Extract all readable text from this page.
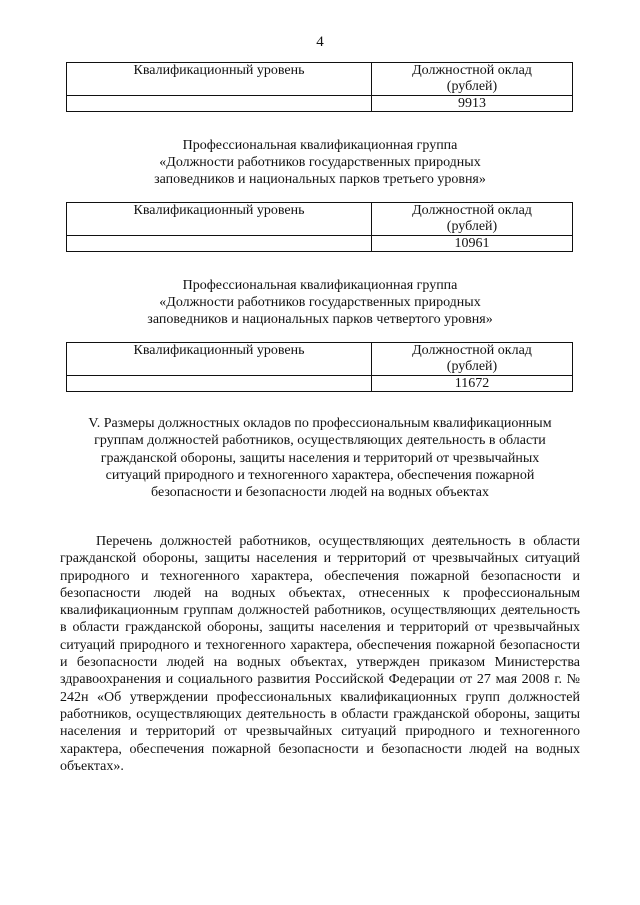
4
Квалификационный уровень	Должностной оклад
(рублей)

	9913
Профессиональная квалификационная группа
«Должности работников государственных природных
заповедников и национальных парков третьего уровня»
Квалификационный уровень	Должностной оклад
(рублей)

	10961
Профессиональная квалификационная группа
«Должности работников государственных природных
заповедников и национальных парков четвертого уровня»
Квалификационный уровень	Должностной оклад
(рублей)

	11672
V. Размеры должностных окладов по профессиональным квалификационным
группам должностей работников, осуществляющих деятельность в области
гражданской обороны, защиты населения и территорий от чрезвычайных
ситуаций природного и техногенного характера, обеспечения пожарной
безопасности и безопасности людей на водных объектах

Перечень должностей работников, осуществляющих деятельность в области гражданской обороны, защиты населения и территорий от чрезвычайных ситуаций природного и техногенного характера, обеспечения пожарной безопасности и безопасности людей на водных объектах, отнесенных к профессиональным квалификационным группам должностей работников, осуществляющих деятельность в области гражданской обороны, защиты населения и территорий от чрезвычайных ситуаций природного и техногенного характера, обеспечения пожарной безопасности и безопасности людей на водных объектах, утвержден приказом Министерства здравоохранения и социального развития Российской Федерации от 27 мая 2008 г. № 242н «Об утверждении профессиональных квалификационных групп должностей работников, осуществляющих деятельность в области гражданской обороны, защиты населения и территорий от чрезвычайных ситуаций природного и техногенного характера, обеспечения пожарной безопасности и безопасности людей на водных объектах».
